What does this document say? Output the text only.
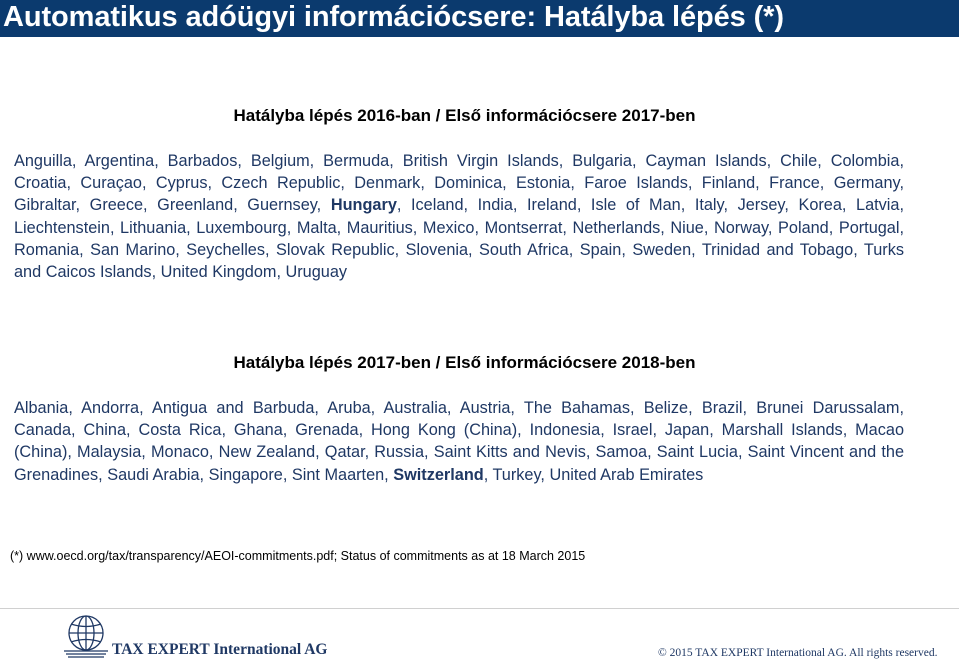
Automatikus adóügyi információcsere: Hatályba lépés (*)
Hatályba lépés 2016-ban / Első információcsere 2017-ben
Anguilla, Argentina, Barbados, Belgium, Bermuda, British Virgin Islands, Bulgaria, Cayman Islands, Chile, Colombia, Croatia, Curaçao, Cyprus, Czech Republic, Denmark, Dominica, Estonia, Faroe Islands, Finland, France, Germany, Gibraltar, Greece, Greenland, Guernsey, Hungary, Iceland, India, Ireland, Isle of Man, Italy, Jersey, Korea, Latvia, Liechtenstein, Lithuania, Luxembourg, Malta, Mauritius, Mexico, Montserrat, Netherlands, Niue, Norway, Poland, Portugal, Romania, San Marino, Seychelles, Slovak Republic, Slovenia, South Africa, Spain, Sweden, Trinidad and Tobago, Turks and Caicos Islands, United Kingdom, Uruguay
Hatályba lépés 2017-ben / Első információcsere 2018-ben
Albania, Andorra, Antigua and Barbuda, Aruba, Australia, Austria, The Bahamas, Belize, Brazil, Brunei Darussalam, Canada, China, Costa Rica, Ghana, Grenada, Hong Kong (China), Indonesia, Israel, Japan, Marshall Islands, Macao (China), Malaysia, Monaco, New Zealand, Qatar, Russia, Saint Kitts and Nevis, Samoa, Saint Lucia, Saint Vincent and the Grenadines, Saudi Arabia, Singapore, Sint Maarten, Switzerland, Turkey, United Arab Emirates
(*) www.oecd.org/tax/transparency/AEOI-commitments.pdf; Status of commitments as at 18 March 2015
TAX EXPERT International AG	© 2015 TAX EXPERT International AG. All rights reserved.
